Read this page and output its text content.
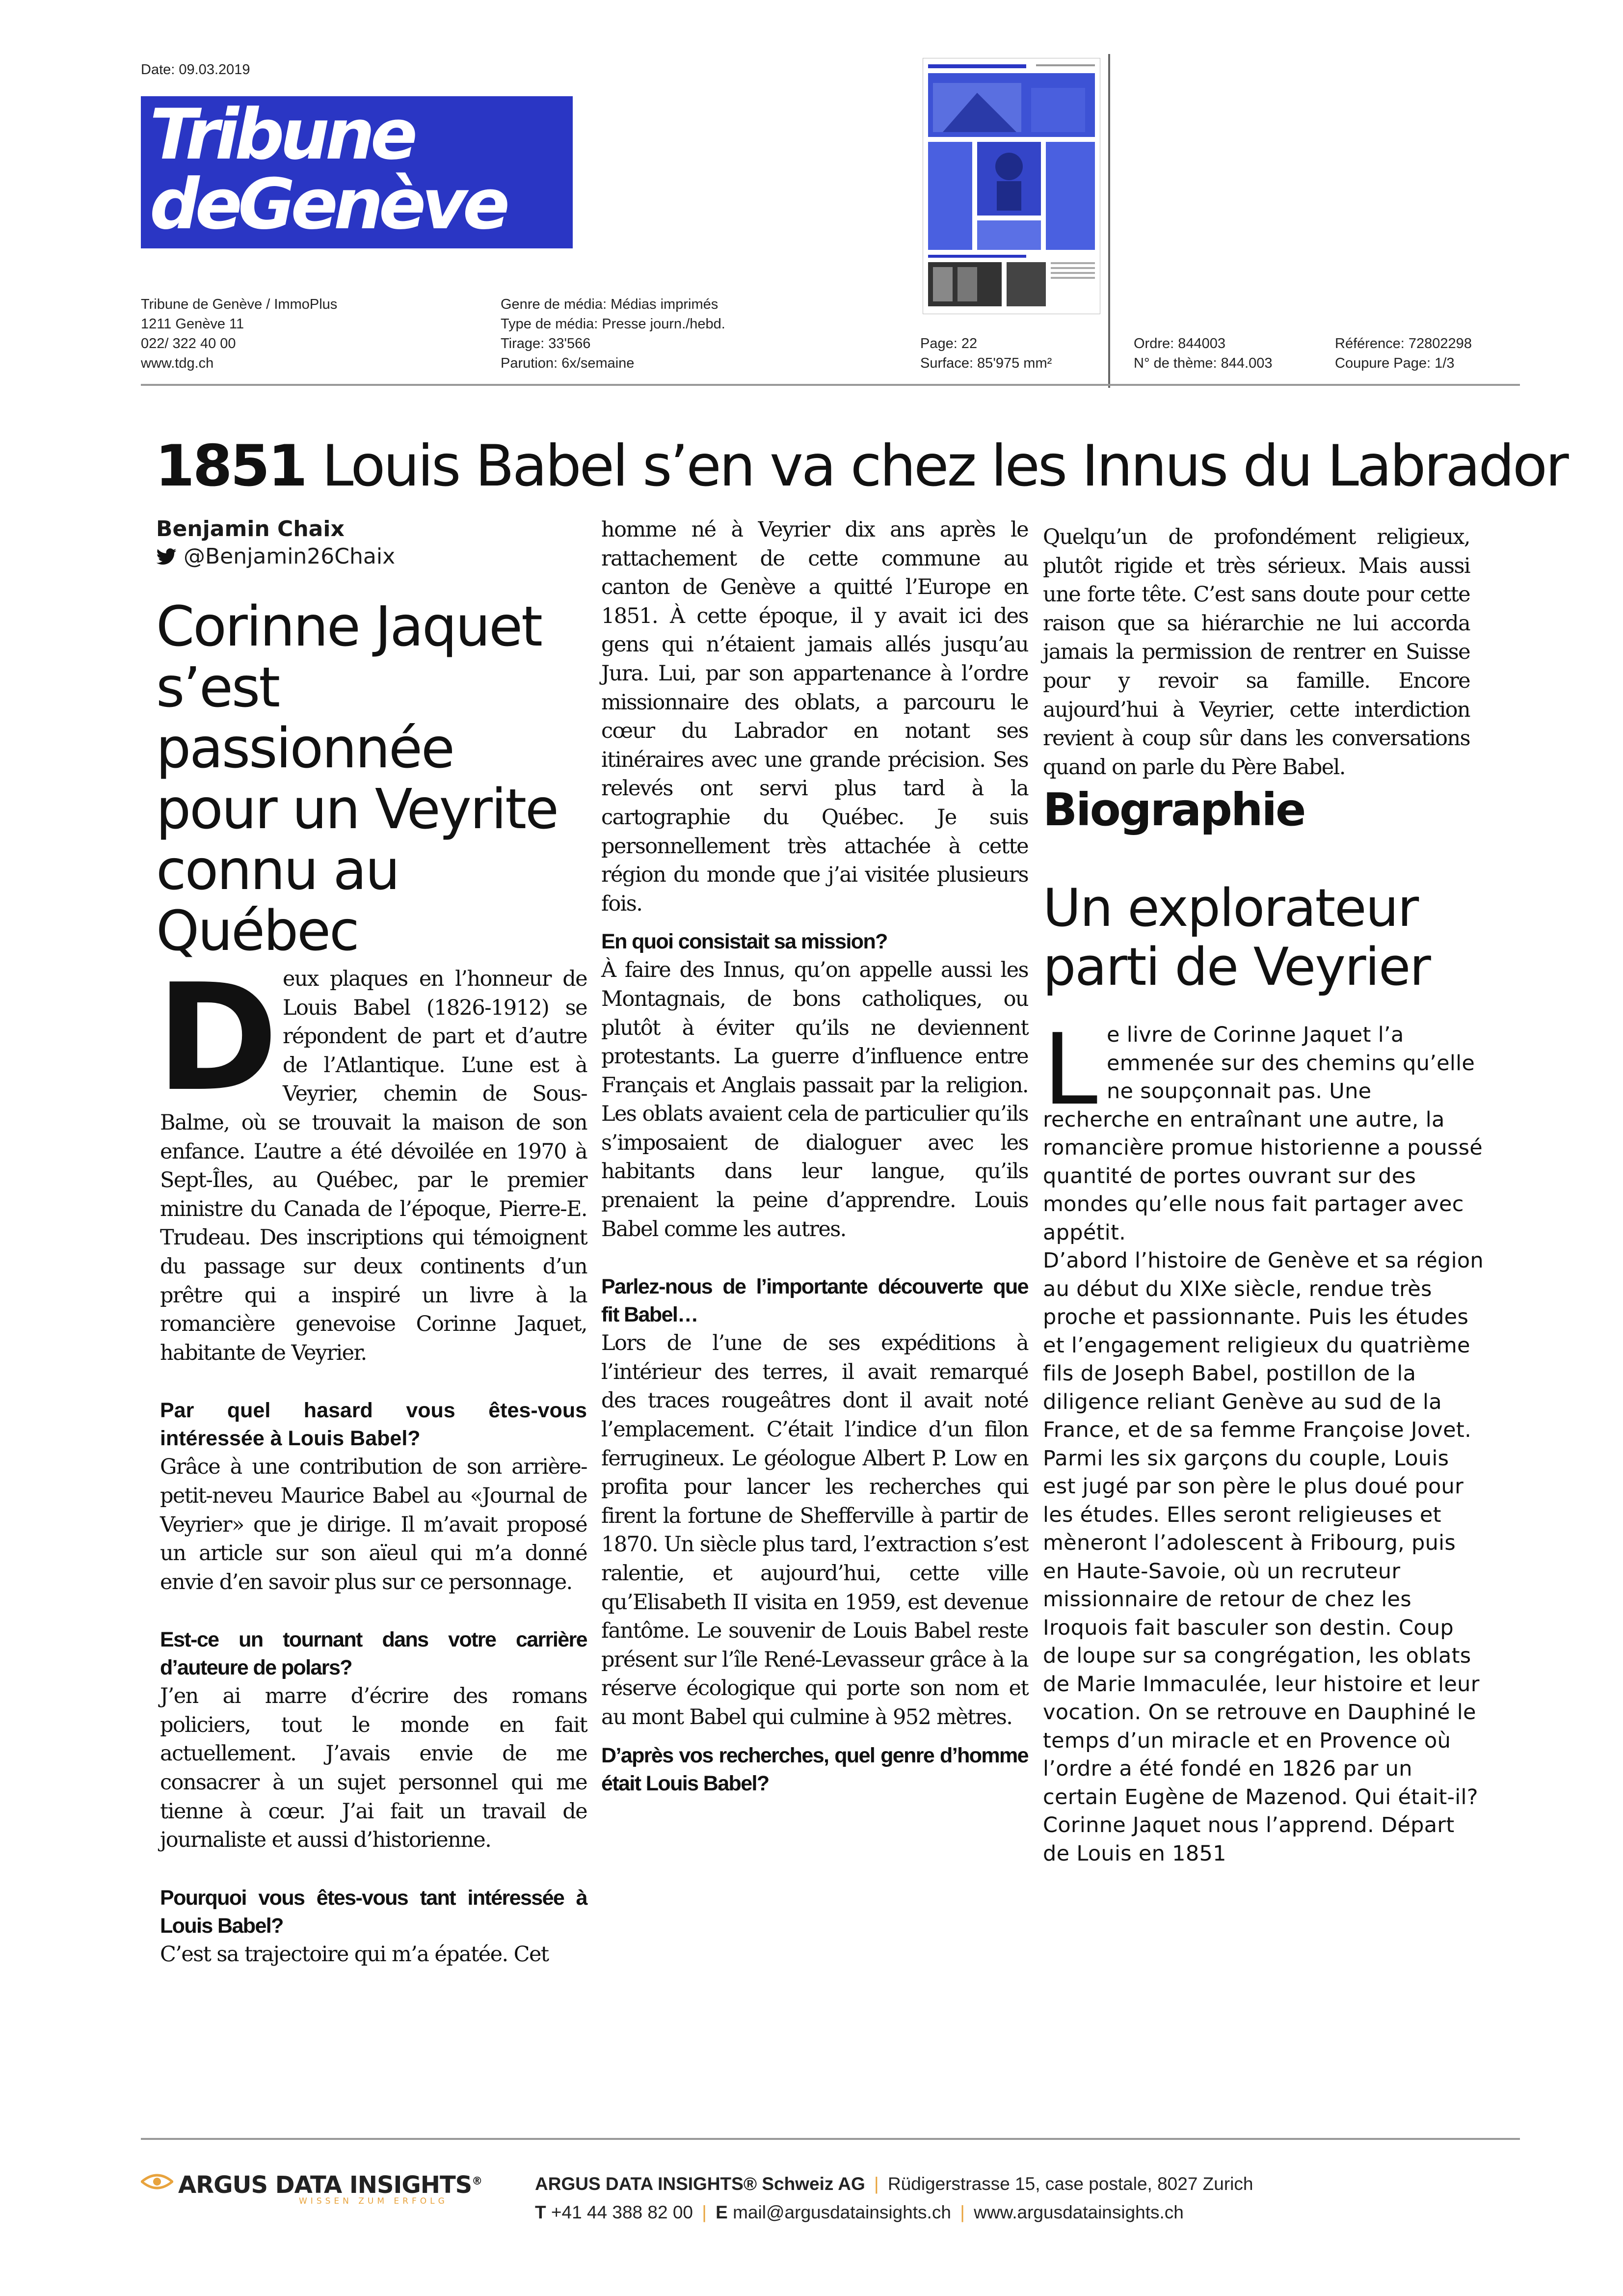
Date: 09.03.2019
Tribune
deGenève
Tribune de Genève / ImmoPlus
1211 Genève 11
022/ 322 40 00
www.tdg.ch
Genre de média: Médias imprimés
Type de média: Presse journ./hebd.
Tirage: 33'566
Parution: 6x/semaine
Page: 22
Surface: 85'975 mm²
Ordre: 844003
N° de thème: 844.003
Référence: 72802298
Coupure Page: 1/3
1851 Louis Babel s’en va chez les Innus du Labrador
Benjamin Chaix
@Benjamin26Chaix
Corinne Jaquet s’est passionnée pour un Veyrite connu au Québec
D eux plaques en l’honneur de Louis Babel (1826-1912) se répondent de part et d’autre de l’Atlantique. L’une est à Veyrier, chemin de Sous-Balme, où se trouvait la maison de son enfance. L’autre a été dévoilée en 1970 à Sept-Îles, au Québec, par le premier ministre du Canada de l’époque, Pierre-E. Trudeau. Des inscriptions qui témoignent du passage sur deux continents d’un prêtre qui a inspiré un livre à la romancière genevoise Corinne Jaquet, habitante de Veyrier.

Par quel hasard vous êtes-vous intéressée à Louis Babel?

Grâce à une contribution de son arrière-petit-neveu Maurice Babel au «Journal de Veyrier» que je dirige. Il m’avait proposé un article sur son aïeul qui m’a donné envie d’en savoir plus sur ce personnage.

Est-ce un tournant dans votre carrière d’auteure de polars?

J’en ai marre d’écrire des romans policiers, tout le monde en fait actuellement. J’avais envie de me consacrer à un sujet personnel qui me tienne à cœur. J’ai fait un travail de journaliste et aussi d’historienne.

Pourquoi vous êtes-vous tant intéressée à Louis Babel?

C’est sa trajectoire qui m’a épatée. Cet

homme né à Veyrier dix ans après le rattachement de cette commune au canton de Genève a quitté l’Europe en 1851. À cette époque, il y avait ici des gens qui n’étaient jamais allés jusqu’au Jura. Lui, par son appartenance à l’ordre missionnaire des oblats, a parcouru le cœur du Labrador en notant ses itinéraires avec une grande précision. Ses relevés ont servi plus tard à la cartographie du Québec. Je suis personnellement très attachée à cette région du monde que j’ai visitée plusieurs fois.

En quoi consistait sa mission?

À faire des Innus, qu’on appelle aussi les Montagnais, de bons catholiques, ou plutôt à éviter qu’ils ne deviennent protestants. La guerre d’influence entre Français et Anglais passait par la religion. Les oblats avaient cela de particulier qu’ils s’imposaient de dialoguer avec les habitants dans leur langue, qu’ils prenaient la peine d’apprendre. Louis Babel comme les autres.

Parlez-nous de l’importante découverte que fit Babel…

Lors de l’une de ses expéditions à l’intérieur des terres, il avait remarqué des traces rougeâtres dont il avait noté l’emplacement. C’était l’indice d’un filon ferrugineux. Le géologue Albert P. Low en profita pour lancer les recherches qui firent la fortune de Shefferville à partir de 1870. Un siècle plus tard, l’extraction s’est ralentie, et aujourd’hui, cette ville qu’Elisabeth II visita en 1959, est devenue fantôme. Le souvenir de Louis Babel reste présent sur l’île René-Levasseur grâce à la réserve écologique qui porte son nom et au mont Babel qui culmine à 952 mètres.

D’après vos recherches, quel genre d’homme était Louis Babel?

Quelqu’un de profondément religieux, plutôt rigide et très sérieux. Mais aussi une forte tête. C’est sans doute pour cette raison que sa hiérarchie ne lui accorda jamais la permission de rentrer en Suisse pour y revoir sa famille. Encore aujourd’hui à Veyrier, cette interdiction revient à coup sûr dans les conversations quand on parle du Père Babel.

Biographie
Un explorateur parti de Veyrier
L e livre de Corinne Jaquet l’a emmenée sur des chemins qu’elle ne soupçonnait pas. Une recherche en entraînant une autre, la romancière promue historienne a poussé quantité de portes ouvrant sur des mondes qu’elle nous fait partager avec appétit.

D’abord l’histoire de Genève et sa région au début du XIXe siècle, rendue très proche et passionnante. Puis les études et l’engagement religieux du quatrième fils de Joseph Babel, postillon de la diligence reliant Genève au sud de la France, et de sa femme Françoise Jovet.

Parmi les six garçons du couple, Louis est jugé par son père le plus doué pour les études. Elles seront religieuses et mèneront l’adolescent à Fribourg, puis en Haute-Savoie, où un recruteur missionnaire de retour de chez les Iroquois fait basculer son destin. Coup de loupe sur sa congrégation, les oblats de Marie Immaculée, leur histoire et leur vocation. On se retrouve en Dauphiné le temps d’un miracle et en Provence où l’ordre a été fondé en 1826 par un certain Eugène de Mazenod. Qui était-il? Corinne Jaquet nous l’apprend. Départ de Louis en 1851

ARGUS DATA INSIGHTS®
WISSEN ZUM ERFOLG
ARGUS DATA INSIGHTS® Schweiz AG | Rüdigerstrasse 15, case postale, 8027 Zurich
T +41 44 388 82 00 | E mail@argusdatainsights.ch | www.argusdatainsights.ch
